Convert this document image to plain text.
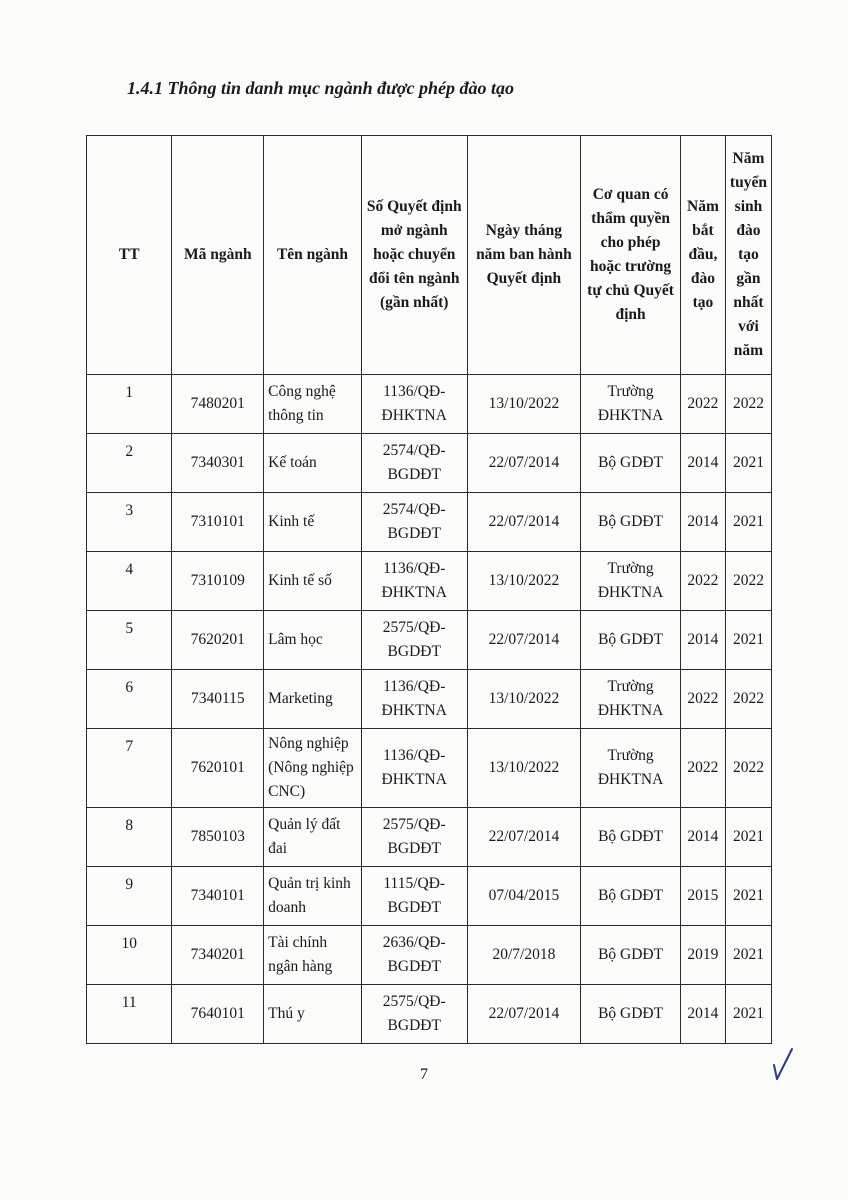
1.4.1 Thông tin danh mục ngành được phép đào tạo
TT	Mã ngành	Tên ngành	Số Quyết định mở ngành hoặc chuyển đổi tên ngành (gần nhất)	Ngày tháng năm ban hành Quyết định	Cơ quan có thẩm quyền cho phép hoặc trường tự chủ Quyết định	Năm bắt đầu, đào tạo	Năm tuyển sinh đào tạo gần nhất với năm
1	7480201	Công nghệ thông tin	1136/QĐ-ĐHKTNA	13/10/2022	Trường ĐHKTNA	2022	2022
2	7340301	Kế toán	2574/QĐ-BGDĐT	22/07/2014	Bộ GDĐT	2014	2021
3	7310101	Kinh tế	2574/QĐ-BGDĐT	22/07/2014	Bộ GDĐT	2014	2021
4	7310109	Kinh tế số	1136/QĐ-ĐHKTNA	13/10/2022	Trường ĐHKTNA	2022	2022
5	7620201	Lâm học	2575/QĐ-BGDĐT	22/07/2014	Bộ GDĐT	2014	2021
6	7340115	Marketing	1136/QĐ-ĐHKTNA	13/10/2022	Trường ĐHKTNA	2022	2022
7	7620101	Nông nghiệp (Nông nghiệp CNC)	1136/QĐ-ĐHKTNA	13/10/2022	Trường ĐHKTNA	2022	2022
8	7850103	Quản lý đất đai	2575/QĐ-BGDĐT	22/07/2014	Bộ GDĐT	2014	2021
9	7340101	Quản trị kinh doanh	1115/QĐ-BGDĐT	07/04/2015	Bộ GDĐT	2015	2021
10	7340201	Tài chính ngân hàng	2636/QĐ-BGDĐT	20/7/2018	Bộ GDĐT	2019	2021
11	7640101	Thú y	2575/QĐ-BGDĐT	22/07/2014	Bộ GDĐT	2014	2021
7
